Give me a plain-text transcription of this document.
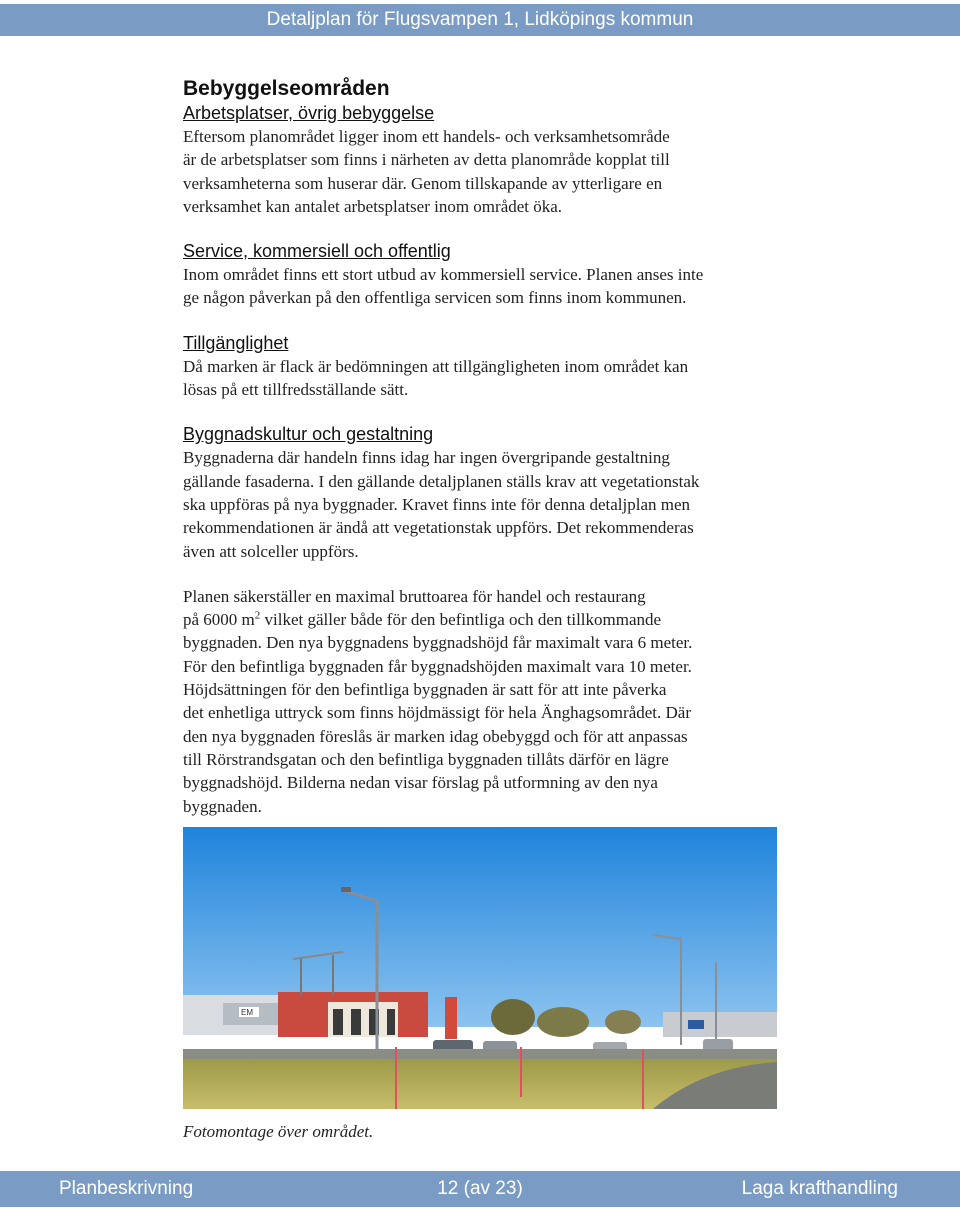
Detaljplan för Flugsvampen 1, Lidköpings kommun
Bebyggelseområden
Arbetsplatser, övrig bebyggelse

Eftersom planområdet ligger inom ett handels- och verksamhetsområde

är de arbetsplatser som finns i närheten av detta planområde kopplat till

verksamheterna som huserar där. Genom tillskapande av ytterligare en

verksamhet kan antalet arbetsplatser inom området öka.

Service, kommersiell och offentlig

Inom området finns ett stort utbud av kommersiell service. Planen anses inte

ge någon påverkan på den offentliga servicen som finns inom kommunen.

Tillgänglighet

Då marken är flack är bedömningen att tillgängligheten inom området kan

lösas på ett tillfredsställande sätt.

Byggnadskultur och gestaltning

Byggnaderna där handeln finns idag har ingen övergripande gestaltning

gällande fasaderna. I den gällande detaljplanen ställs krav att vegetationstak

ska uppföras på nya byggnader. Kravet finns inte för denna detaljplan men

rekommendationen är ändå att vegetationstak uppförs. Det rekommenderas

även att solceller uppförs.

Planen säkerställer en maximal bruttoarea för handel och restaurang

på 6000 $m^2$ vilket gäller både för den befintliga och den tillkommande

byggnaden. Den nya byggnadens byggnadshöjd får maximalt vara 6 meter.

För den befintliga byggnaden får byggnadshöjden maximalt vara 10 meter.

Höjdsättningen för den befintliga byggnaden är satt för att inte påverka

det enhetliga uttryck som finns höjdmässigt för hela Änghagsområdet. Där

den nya byggnaden föreslås är marken idag obebyggd och för att anpassas

till Rörstrandsgatan och den befintliga byggnaden tillåts därför en lägre

byggnadshöjd. Bilderna nedan visar förslag på utformning av den nya

byggnaden.

EM
Fotomontage över området.
Planbeskrivning	12 (av 23)	Laga krafthandling
